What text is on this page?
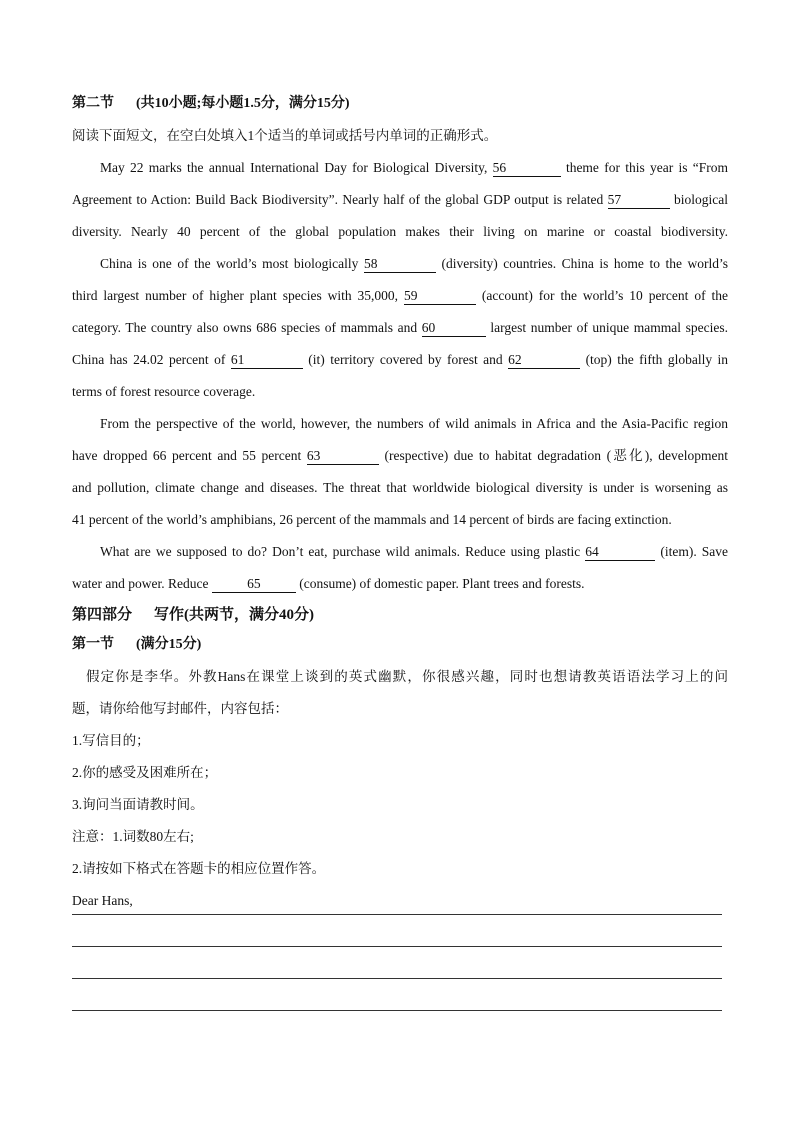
第二节 (共10小题;每小题1.5分，满分15分)
阅读下面短文，在空白处填入1个适当的单词或括号内单词的正确形式。
May 22 marks the annual International Day for Biological Diversity, 56	theme for this year is “From
Agreement to Action: Build Back Biodiversity”. Nearly half of the global GDP output is related 57	biological
diversity. Nearly 40 percent of the global population makes their living on marine or coastal biodiversity.
China is one of the world’s most biologically 58	(diversity) countries. China is home to the world’s
third largest number of higher plant species with 35,000, 59	(account) for the world’s 10 percent of the
category. The country also owns 686 species of mammals and 60	largest number of unique mammal species.
China has 24.02 percent of 61	(it) territory covered by forest and 62	(top) the fifth globally in
terms of forest resource coverage.
From the perspective of the world, however, the numbers of wild animals in Africa and the Asia-Pacific region
have dropped 66 percent and 55 percent 63	(respective) due to habitat degradation (恶化), development
and pollution, climate change and diseases. The threat that worldwide biological diversity is under is worsening as
41 percent of the world’s amphibians, 26 percent of the mammals and 14 percent of birds are facing extinction.
What are we supposed to do? Don’t eat, purchase wild animals. Reduce using plastic 64	(item). Save
water and power. Reduce	65	(consume) of domestic paper. Plant trees and forests.
第四部分 写作(共两节，满分40分)
第一节 (满分15分)
假定你是李华。外教Hans在课堂上谈到的英式幽默，你很感兴趣，同时也想请教英语语法学习上的问
题，请你给他写封邮件，内容包括：
1.写信目的；
2.你的感受及困难所在；
3.询问当面请教时间。
注意：1.词数80左右;
2.请按如下格式在答题卡的相应位置作答。
Dear Hans,
